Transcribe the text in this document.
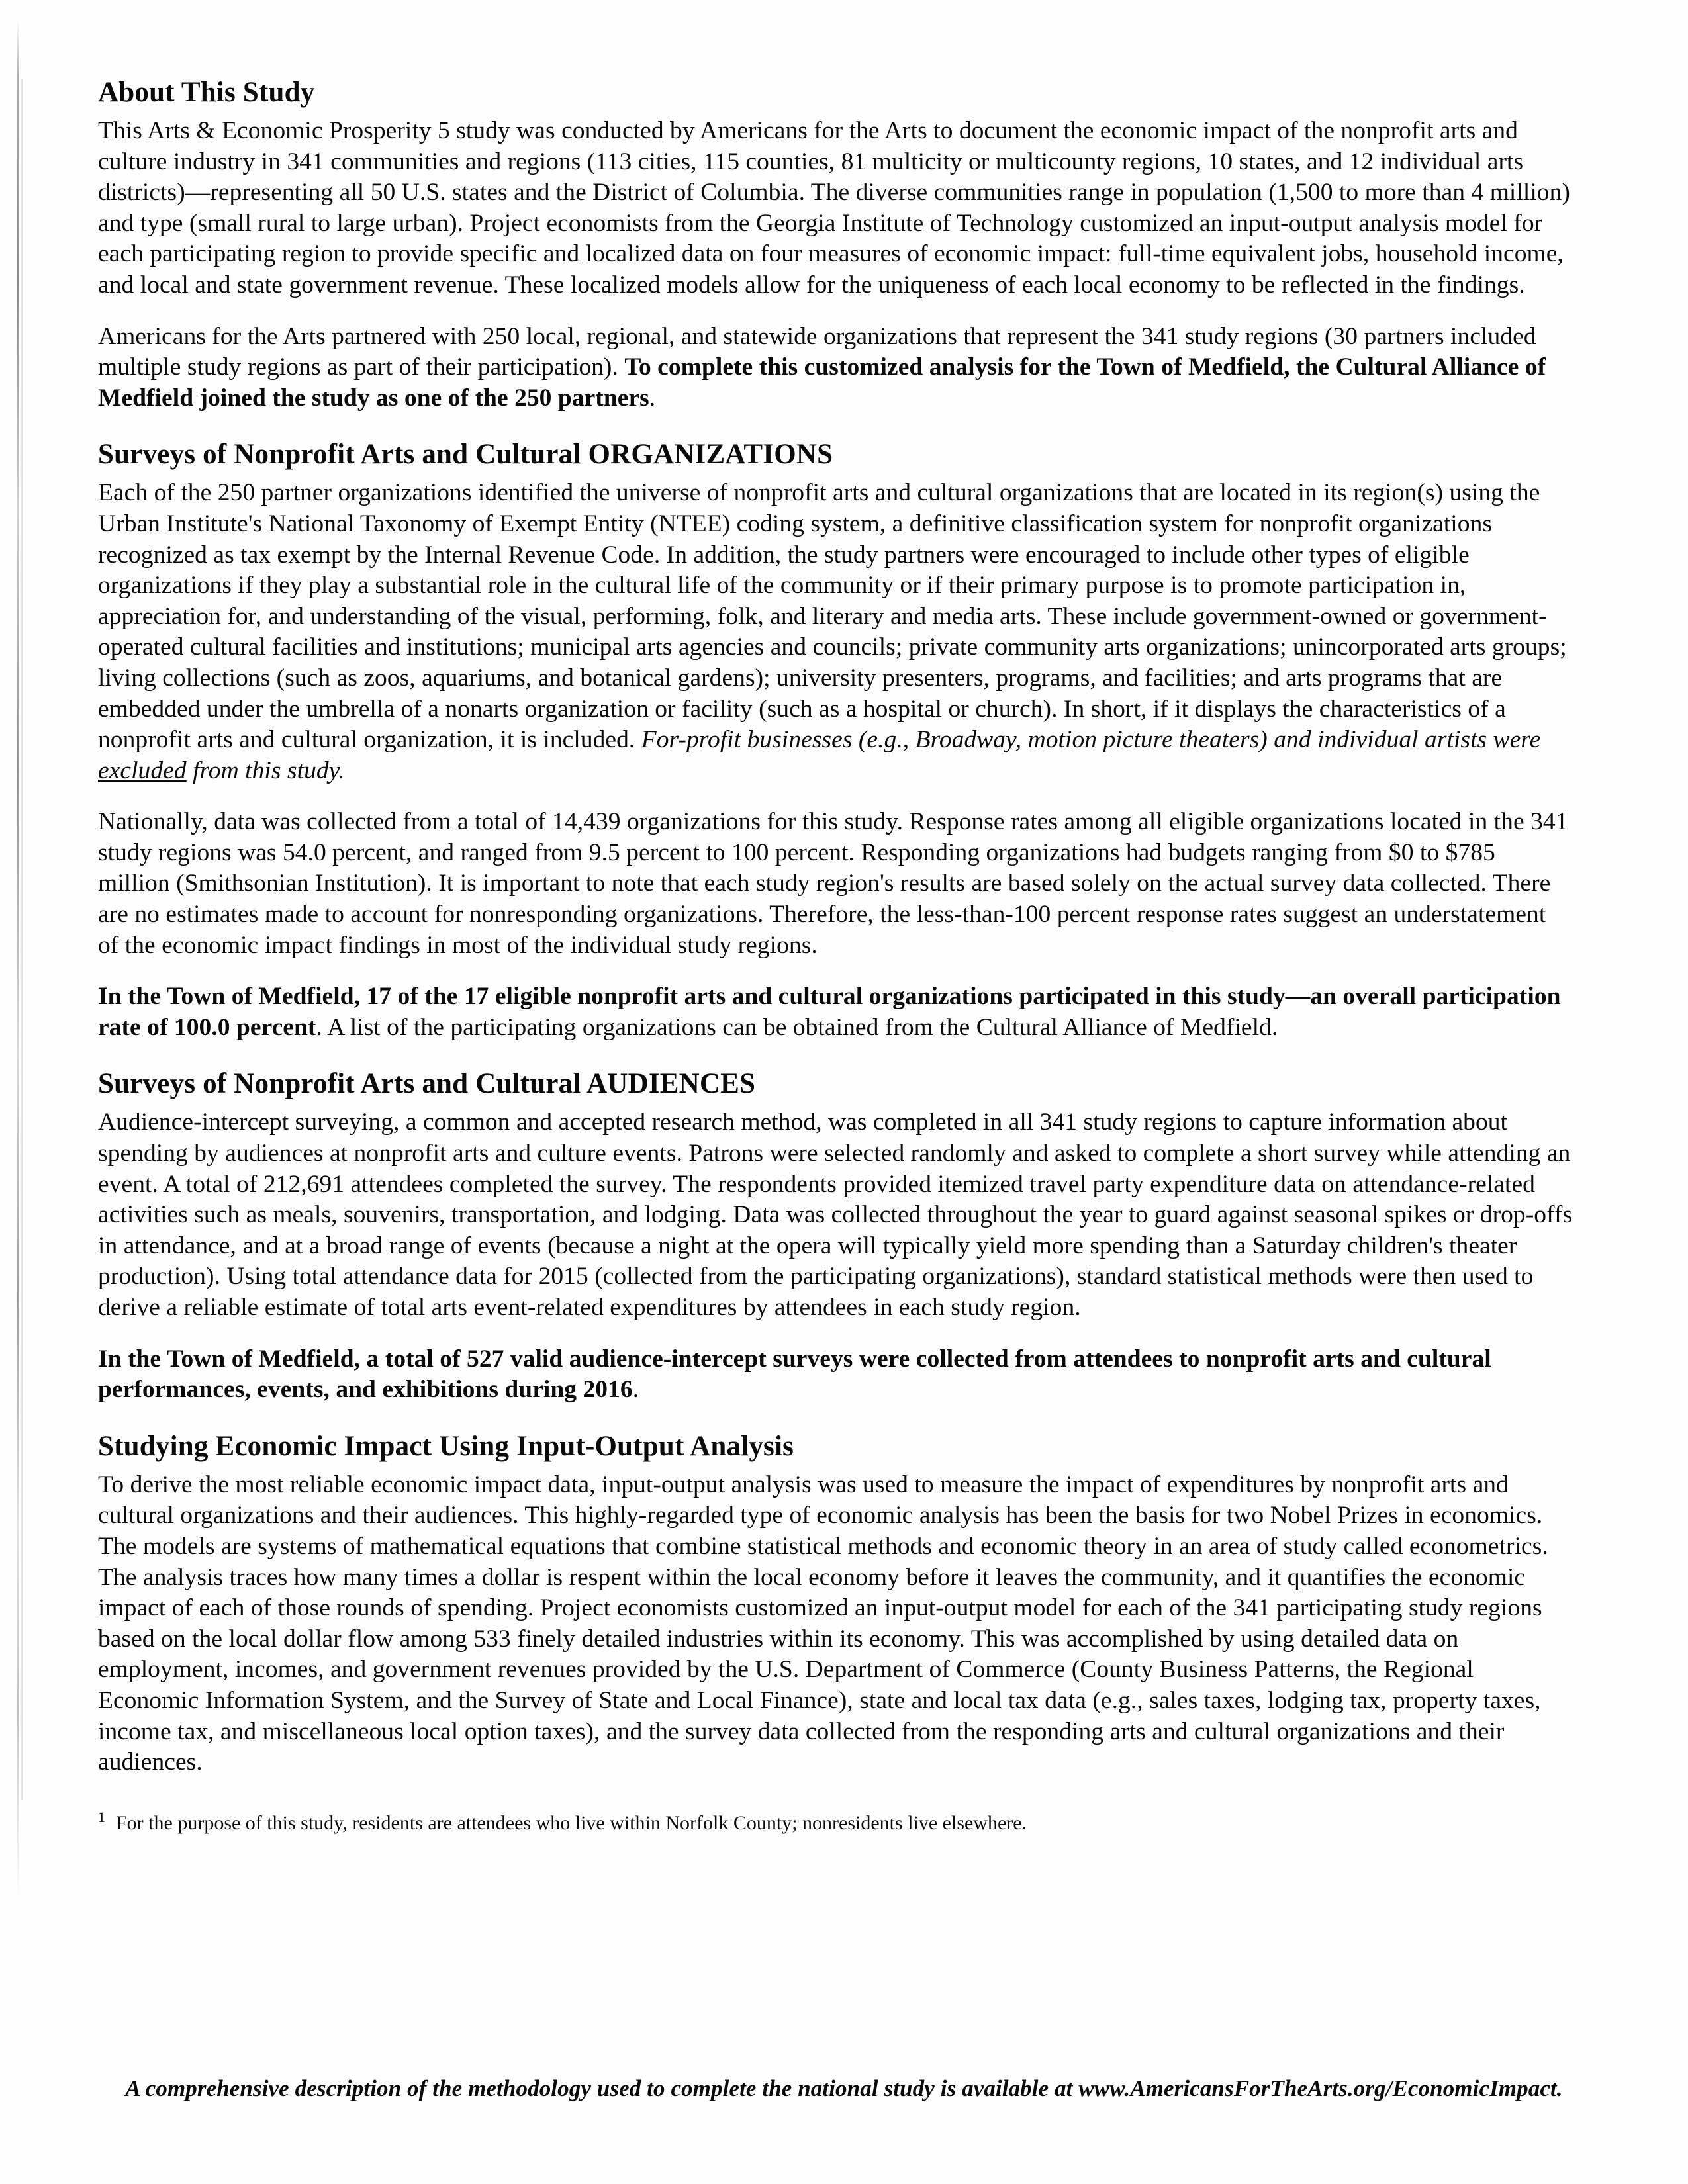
About This Study

This Arts & Economic Prosperity 5 study was conducted by Americans for the Arts to document the economic impact of the nonprofit arts and culture industry in 341 communities and regions (113 cities, 115 counties, 81 multicity or multicounty regions, 10 states, and 12 individual arts districts)—representing all 50 U.S. states and the District of Columbia. The diverse communities range in population (1,500 to more than 4 million) and type (small rural to large urban). Project economists from the Georgia Institute of Technology customized an input-output analysis model for each participating region to provide specific and localized data on four measures of economic impact: full-time equivalent jobs, household income, and local and state government revenue. These localized models allow for the uniqueness of each local economy to be reflected in the findings.

Americans for the Arts partnered with 250 local, regional, and statewide organizations that represent the 341 study regions (30 partners included multiple study regions as part of their participation). To complete this customized analysis for the Town of Medfield, the Cultural Alliance of Medfield joined the study as one of the 250 partners.

Surveys of Nonprofit Arts and Cultural ORGANIZATIONS

Each of the 250 partner organizations identified the universe of nonprofit arts and cultural organizations that are located in its region(s) using the Urban Institute's National Taxonomy of Exempt Entity (NTEE) coding system, a definitive classification system for nonprofit organizations recognized as tax exempt by the Internal Revenue Code. In addition, the study partners were encouraged to include other types of eligible organizations if they play a substantial role in the cultural life of the community or if their primary purpose is to promote participation in, appreciation for, and understanding of the visual, performing, folk, and literary and media arts. These include government-owned or government-operated cultural facilities and institutions; municipal arts agencies and councils; private community arts organizations; unincorporated arts groups; living collections (such as zoos, aquariums, and botanical gardens); university presenters, programs, and facilities; and arts programs that are embedded under the umbrella of a nonarts organization or facility (such as a hospital or church). In short, if it displays the characteristics of a nonprofit arts and cultural organization, it is included. For-profit businesses (e.g., Broadway, motion picture theaters) and individual artists were excluded from this study.

Nationally, data was collected from a total of 14,439 organizations for this study. Response rates among all eligible organizations located in the 341 study regions was 54.0 percent, and ranged from 9.5 percent to 100 percent. Responding organizations had budgets ranging from $0 to $785 million (Smithsonian Institution). It is important to note that each study region's results are based solely on the actual survey data collected. There are no estimates made to account for nonresponding organizations. Therefore, the less-than-100 percent response rates suggest an understatement of the economic impact findings in most of the individual study regions.

In the Town of Medfield, 17 of the 17 eligible nonprofit arts and cultural organizations participated in this study—an overall participation rate of 100.0 percent. A list of the participating organizations can be obtained from the Cultural Alliance of Medfield.

Surveys of Nonprofit Arts and Cultural AUDIENCES

Audience-intercept surveying, a common and accepted research method, was completed in all 341 study regions to capture information about spending by audiences at nonprofit arts and culture events. Patrons were selected randomly and asked to complete a short survey while attending an event. A total of 212,691 attendees completed the survey. The respondents provided itemized travel party expenditure data on attendance-related activities such as meals, souvenirs, transportation, and lodging. Data was collected throughout the year to guard against seasonal spikes or drop-offs in attendance, and at a broad range of events (because a night at the opera will typically yield more spending than a Saturday children's theater production). Using total attendance data for 2015 (collected from the participating organizations), standard statistical methods were then used to derive a reliable estimate of total arts event-related expenditures by attendees in each study region.

In the Town of Medfield, a total of 527 valid audience-intercept surveys were collected from attendees to nonprofit arts and cultural performances, events, and exhibitions during 2016.

Studying Economic Impact Using Input-Output Analysis

To derive the most reliable economic impact data, input-output analysis was used to measure the impact of expenditures by nonprofit arts and cultural organizations and their audiences. This highly-regarded type of economic analysis has been the basis for two Nobel Prizes in economics. The models are systems of mathematical equations that combine statistical methods and economic theory in an area of study called econometrics. The analysis traces how many times a dollar is respent within the local economy before it leaves the community, and it quantifies the economic impact of each of those rounds of spending. Project economists customized an input-output model for each of the 341 participating study regions based on the local dollar flow among 533 finely detailed industries within its economy. This was accomplished by using detailed data on employment, incomes, and government revenues provided by the U.S. Department of Commerce (County Business Patterns, the Regional Economic Information System, and the Survey of State and Local Finance), state and local tax data (e.g., sales taxes, lodging tax, property taxes, income tax, and miscellaneous local option taxes), and the survey data collected from the responding arts and cultural organizations and their audiences.

$^1$ For the purpose of this study, residents are attendees who live within Norfolk County; nonresidents live elsewhere.

A comprehensive description of the methodology used to complete the national study is available at www.AmericansForTheArts.org/EconomicImpact.
